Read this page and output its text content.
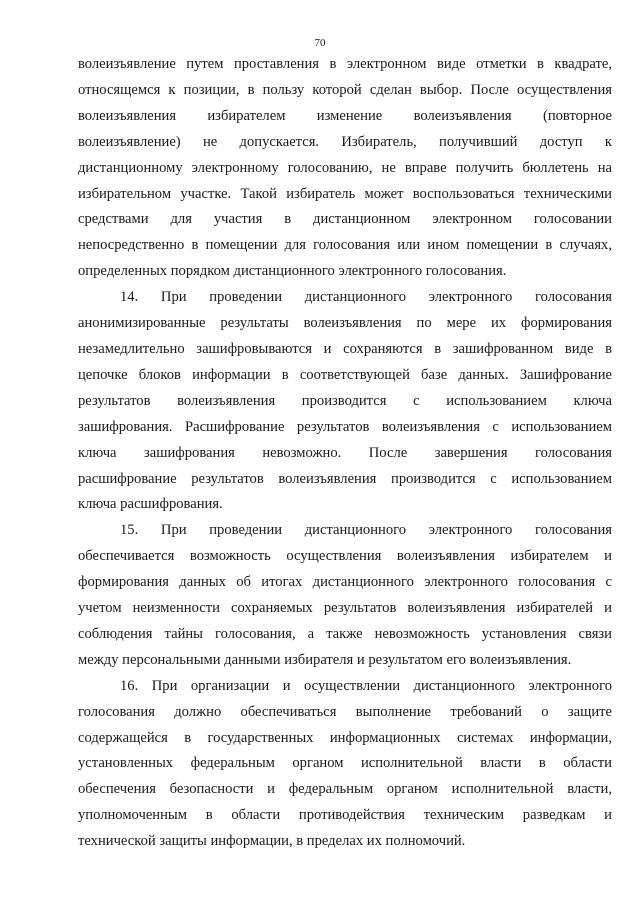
70

волеизъявление путем проставления в электронном виде отметки в квадрате,
относящемся к позиции, в пользу которой сделан выбор. После осуществления
волеизъявления избирателем изменение волеизъявления (повторное
волеизъявление) не допускается. Избиратель, получивший доступ к
дистанционному электронному голосованию, не вправе получить бюллетень на
избирательном участке. Такой избиратель может воспользоваться техническими
средствами для участия в дистанционном электронном голосовании
непосредственно в помещении для голосования или ином помещении в случаях,
определенных порядком дистанционного электронного голосования.

14. При проведении дистанционного электронного голосования
анонимизированные результаты волеизъявления по мере их формирования
незамедлительно зашифровываются и сохраняются в зашифрованном виде в
цепочке блоков информации в соответствующей базе данных. Зашифрование
результатов волеизъявления производится с использованием ключа
зашифрования. Расшифрование результатов волеизъявления с использованием
ключа зашифрования невозможно. После завершения голосования
расшифрование результатов волеизъявления производится с использованием
ключа расшифрования.

15. При проведении дистанционного электронного голосования
обеспечивается возможность осуществления волеизъявления избирателем и
формирования данных об итогах дистанционного электронного голосования с
учетом неизменности сохраняемых результатов волеизъявления избирателей и
соблюдения тайны голосования, а также невозможность установления связи
между персональными данными избирателя и результатом его волеизъявления.

16. При организации и осуществлении дистанционного электронного
голосования должно обеспечиваться выполнение требований о защите
содержащейся в государственных информационных системах информации,
установленных федеральным органом исполнительной власти в области
обеспечения безопасности и федеральным органом исполнительной власти,
уполномоченным в области противодействия техническим разведкам и
технической защиты информации, в пределах их полномочий.
